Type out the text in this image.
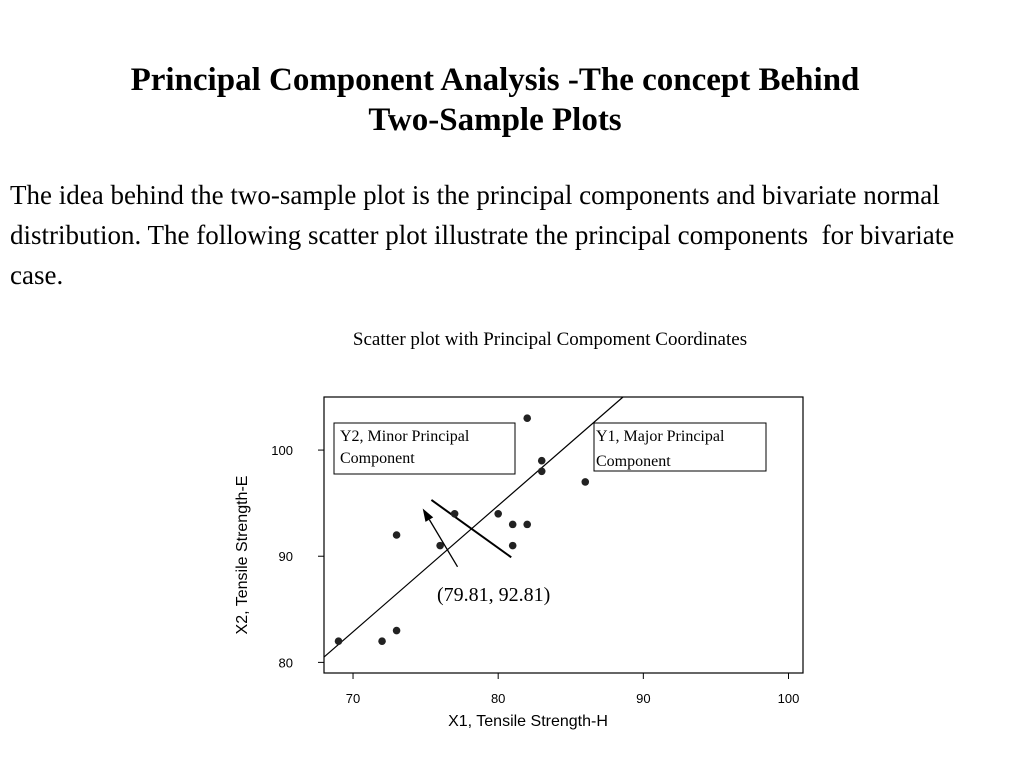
Principal Component Analysis -The concept Behind
Two-Sample Plots

The idea behind the two-sample plot is the principal components and bivariate normal distribution. The following scatter plot illustrate the principal components  for bivariate case.

Scatter plot with Principal Compoment Coordinates
70	80	90	100
80
90
100
X1, Tensile Strength-H
X2, Tensile Strength-E
Y2, Minor Principal
Component
Y1, Major Principal
Component
(79.81, 92.81)
